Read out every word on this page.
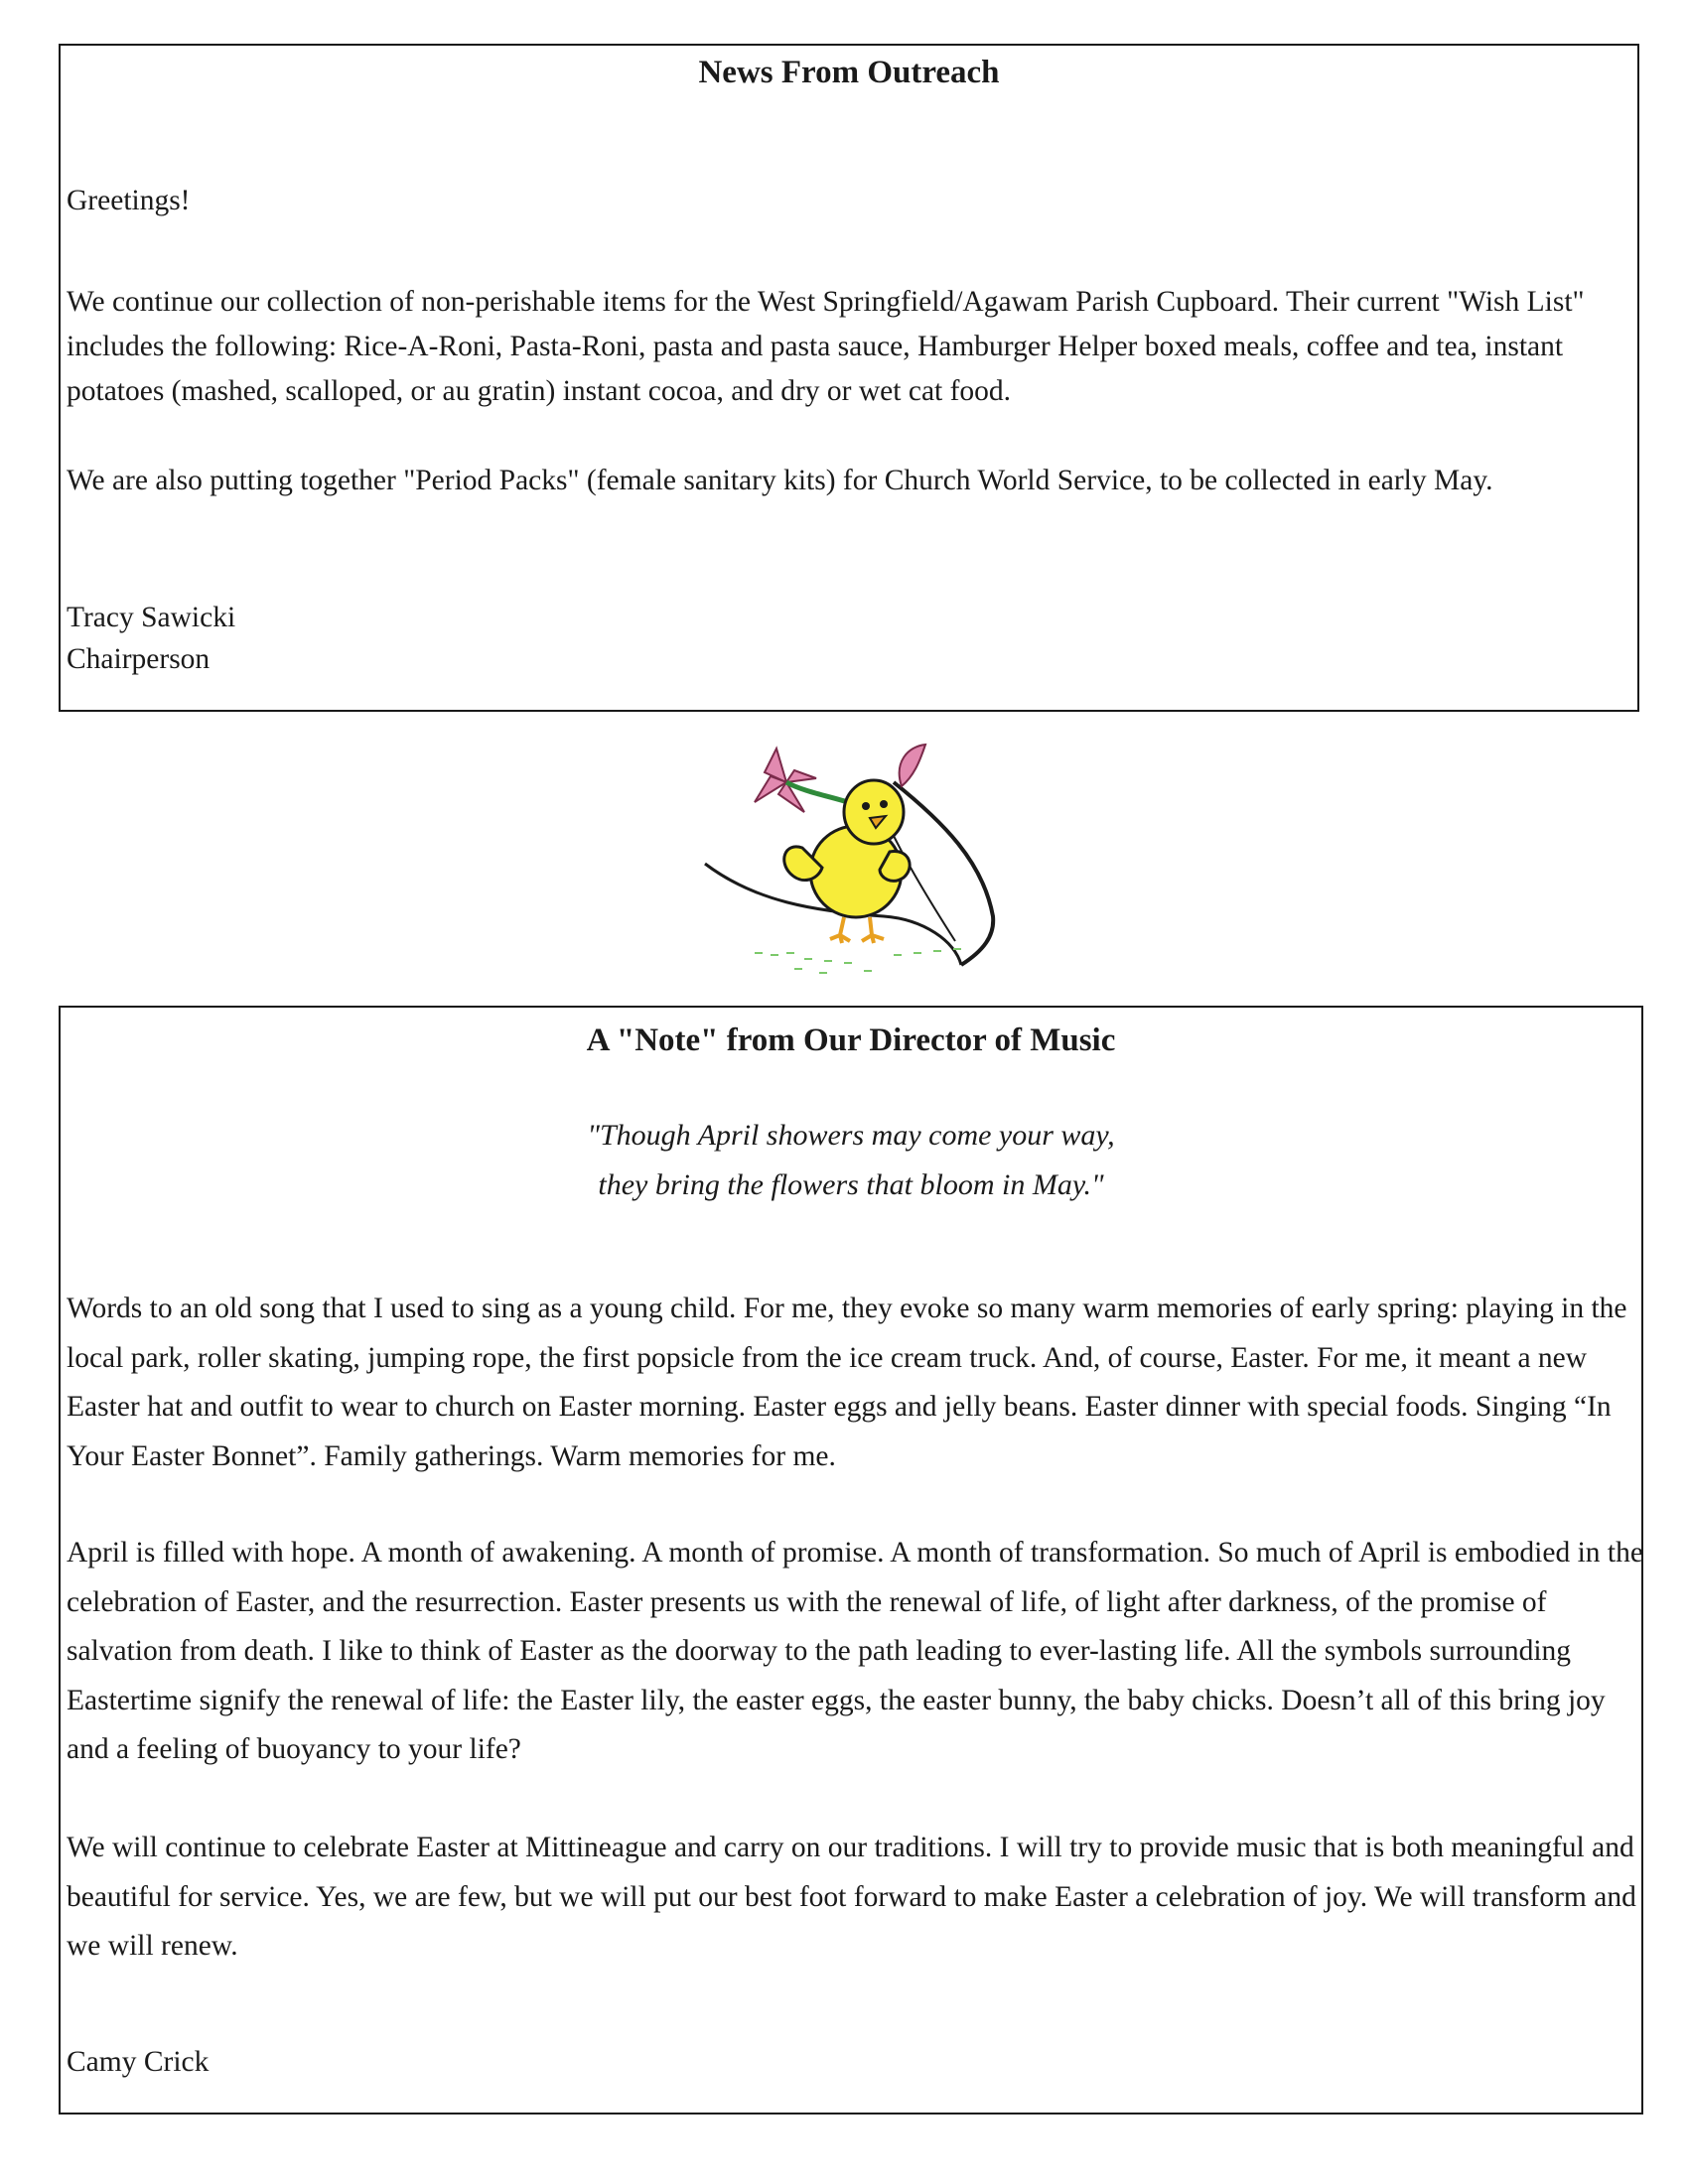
News From Outreach

Greetings!

We continue our collection of non-perishable items for the West Springfield/Agawam Parish Cupboard. Their current "Wish List" includes the following: Rice-A-Roni, Pasta-Roni, pasta and pasta sauce, Hamburger Helper boxed meals, coffee and tea, instant potatoes (mashed, scalloped, or au gratin) instant cocoa, and dry or wet cat food.

We are also putting together "Period Packs" (female sanitary kits) for Church World Service, to be collected in early May.

Tracy Sawicki

Chairperson

A "Note" from Our Director of Music

"Though April showers may come your way,
they bring the flowers that bloom in May."

Words to an old song that I used to sing as a young child. For me, they evoke so many warm memories of early spring: playing in the local park, roller skating, jumping rope, the first popsicle from the ice cream truck. And, of course, Easter. For me, it meant a new Easter hat and outfit to wear to church on Easter morning. Easter eggs and jelly beans. Easter dinner with special foods. Singing “In Your Easter Bonnet”. Family gatherings. Warm memories for me.

April is filled with hope. A month of awakening. A month of promise. A month of transformation. So much of April is embodied in the celebration of Easter, and the resurrection. Easter presents us with the renewal of life, of light after darkness, of the promise of salvation from death. I like to think of Easter as the doorway to the path leading to ever-lasting life. All the symbols surrounding Eastertime signify the renewal of life: the Easter lily, the easter eggs, the easter bunny, the baby chicks. Doesn’t all of this bring joy and a feeling of buoyancy to your life?

We will continue to celebrate Easter at Mittineague and carry on our traditions. I will try to provide music that is both meaningful and beautiful for service. Yes, we are few, but we will put our best foot forward to make Easter a celebration of joy. We will transform and we will renew.

Camy Crick
